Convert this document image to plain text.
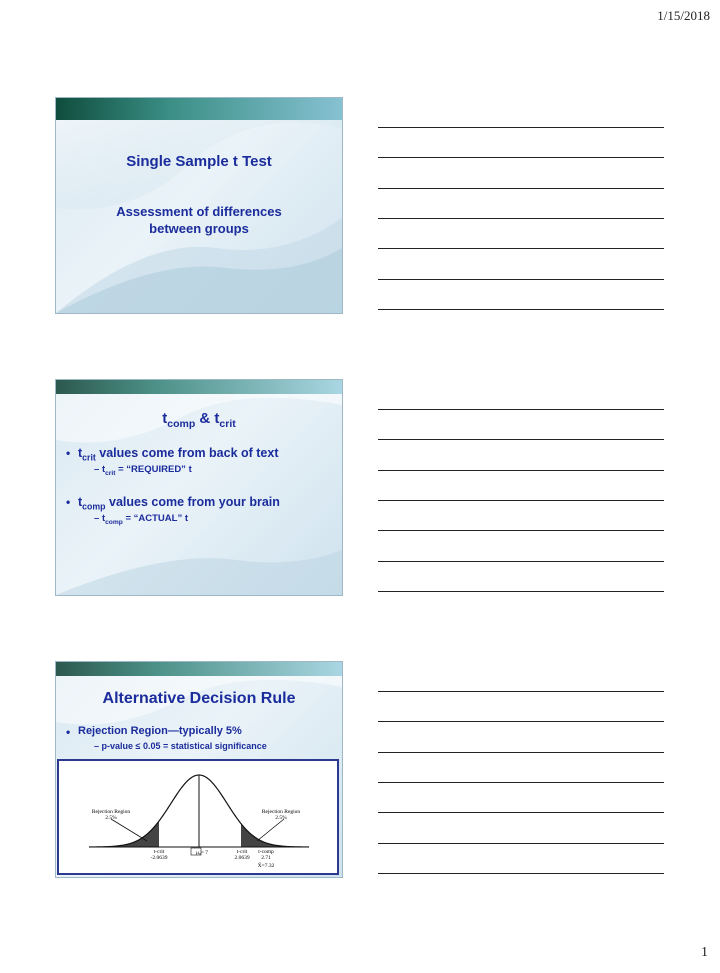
1/15/2018
Single Sample t Test
Assessment of differences
between groups
$t_{comp}$ & $t_{crit}$
• $t_{crit}$ values come from back of text
– $t_{crit}$ = “REQUIRED” t
• $t_{comp}$ values come from your brain
– $t_{comp}$ = “ACTUAL” t
Alternative Decision Rule
• Rejection Region—typically 5%
– p-value ≤ 0.05 = statistical significance
Rejection Region
2.5%
Rejection Region
2.5%
t-crit
-2.0639
μ₀= 7	t-crit
2.0639
t-comp
2.71
X̄=7.32
1
